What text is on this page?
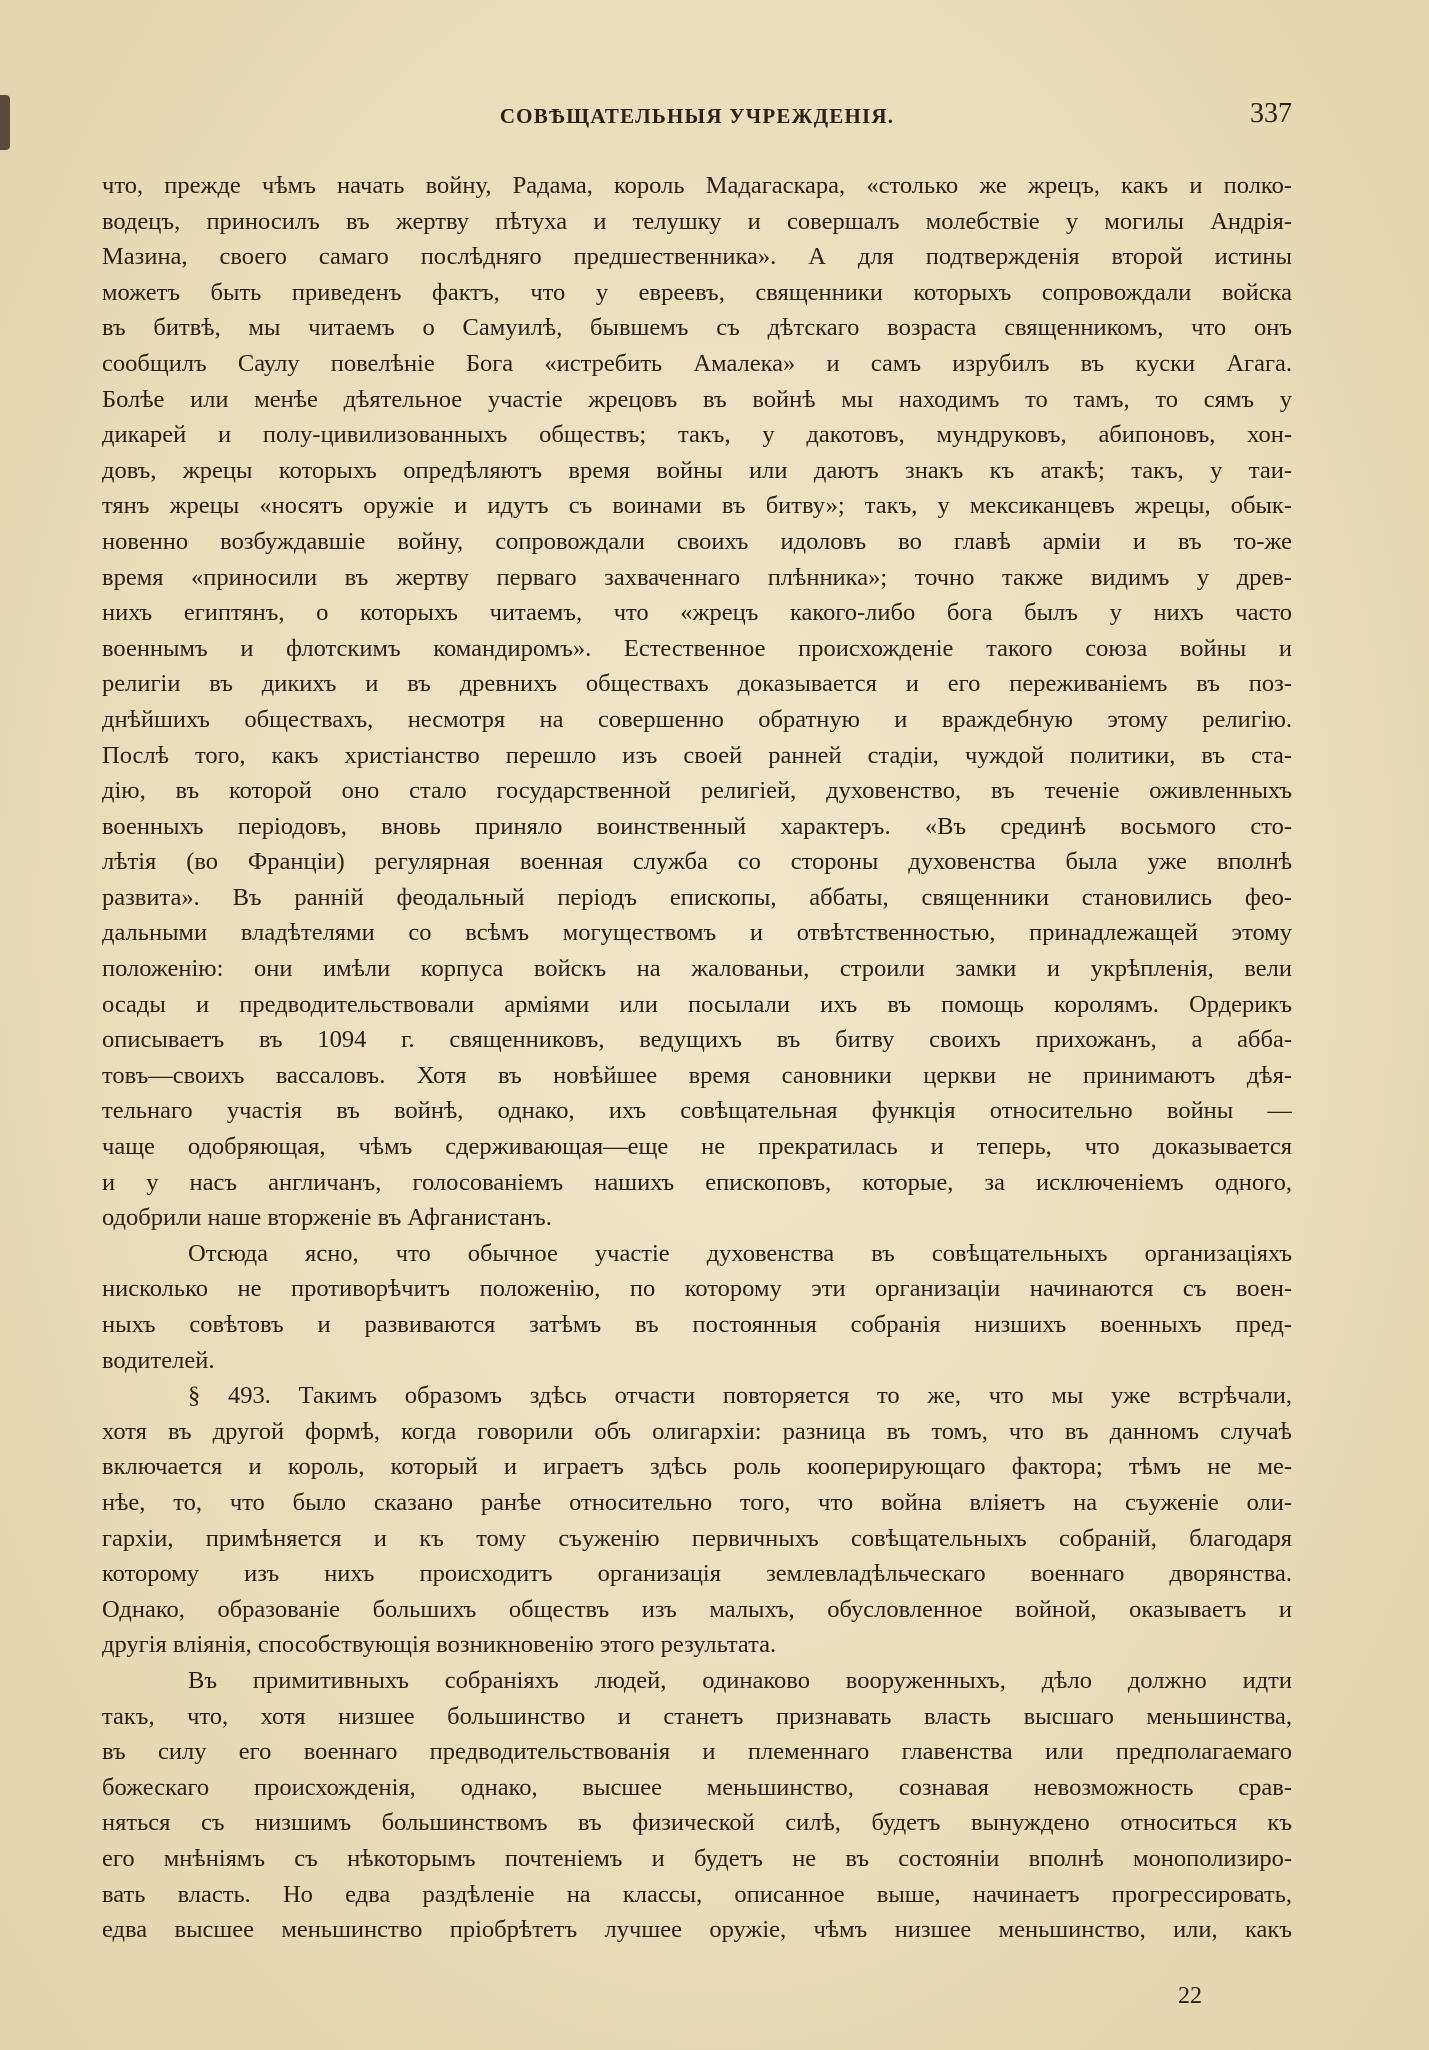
СОВѢЩАТЕЛЬНЫЯ УЧРЕЖДЕНІЯ.	337
что, прежде чѣмъ начать войну, Радама, король Мадагаскара, «столько же жрецъ, какъ и полко-
водецъ, приносилъ въ жертву пѣтуха и телушку и совершалъ молебствіе у могилы Андрія-
Мазина, своего самаго послѣдняго предшественника». А для подтвержденія второй истины
можетъ быть приведенъ фактъ, что у евреевъ, священники которыхъ сопровождали войска
въ битвѣ, мы читаемъ о Самуилѣ, бывшемъ съ дѣтскаго возраста священникомъ, что онъ
сообщилъ Саулу повелѣніе Бога «истребить Амалека» и самъ изрубилъ въ куски Агага.
Болѣе или менѣе дѣятельное участіе жрецовъ въ войнѣ мы находимъ то тамъ, то сямъ у
дикарей и полу-цивилизованныхъ обществъ; такъ, у дакотовъ, мундруковъ, абипоновъ, хон-
довъ, жрецы которыхъ опредѣляютъ время войны или даютъ знакъ къ атакѣ; такъ, у таи-
тянъ жрецы «носятъ оружіе и идутъ съ воинами въ битву»; такъ, у мексиканцевъ жрецы, обык-
новенно возбуждавшіе войну, сопровождали своихъ идоловъ во главѣ арміи и въ то-же
время «приносили въ жертву перваго захваченнаго плѣнника»; точно также видимъ у древ-
нихъ египтянъ, о которыхъ читаемъ, что «жрецъ какого-либо бога былъ у нихъ часто
военнымъ и флотскимъ командиромъ». Естественное происхожденіе такого союза войны и
религіи въ дикихъ и въ древнихъ обществахъ доказывается и его переживаніемъ въ поз-
днѣйшихъ обществахъ, несмотря на совершенно обратную и враждебную этому религію.
Послѣ того, какъ христіанство перешло изъ своей ранней стадіи, чуждой политики, въ ста-
дію, въ которой оно стало государственной религіей, духовенство, въ теченіе оживленныхъ
военныхъ періодовъ, вновь приняло воинственный характеръ. «Въ срединѣ восьмого сто-
лѣтія (во Франціи) регулярная военная служба со стороны духовенства была уже вполнѣ
развита». Въ ранній феодальный періодъ епископы, аббаты, священники становились фео-
дальными владѣтелями со всѣмъ могуществомъ и отвѣтственностью, принадлежащей этому
положенію: они имѣли корпуса войскъ на жалованьи, строили замки и укрѣпленія, вели
осады и предводительствовали арміями или посылали ихъ въ помощь королямъ. Ордерикъ
описываетъ въ 1094 г. священниковъ, ведущихъ въ битву своихъ прихожанъ, а абба-
товъ—своихъ вассаловъ. Хотя въ новѣйшее время сановники церкви не принимаютъ дѣя-
тельнаго участія въ войнѣ, однако, ихъ совѣщательная функція относительно войны —
чаще одобряющая, чѣмъ сдерживающая—еще не прекратилась и теперь, что доказывается
и у насъ англичанъ, голосованіемъ нашихъ епископовъ, которые, за исключеніемъ одного,
одобрили наше вторженіе въ Афганистанъ.
Отсюда ясно, что обычное участіе духовенства въ совѣщательныхъ организаціяхъ
нисколько не противорѣчитъ положенію, по которому эти организаціи начинаются съ воен-
ныхъ совѣтовъ и развиваются затѣмъ въ постоянныя собранія низшихъ военныхъ пред-
водителей.
§ 493. Такимъ образомъ здѣсь отчасти повторяется то же, что мы уже встрѣчали,
хотя въ другой формѣ, когда говорили объ олигархіи: разница въ томъ, что въ данномъ случаѣ
включается и король, который и играетъ здѣсь роль кооперирующаго фактора; тѣмъ не ме-
нѣе, то, что было сказано ранѣе относительно того, что война вліяетъ на съуженіе оли-
гархіи, примѣняется и къ тому съуженію первичныхъ совѣщательныхъ собраній, благодаря
которому изъ нихъ происходитъ организація землевладѣльческаго военнаго дворянства.
Однако, образованіе большихъ обществъ изъ малыхъ, обусловленное войной, оказываетъ и
другія вліянія, способствующія возникновенію этого результата.
Въ примитивныхъ собраніяхъ людей, одинаково вооруженныхъ, дѣло должно идти
такъ, что, хотя низшее большинство и станетъ признавать власть высшаго меньшинства,
въ силу его военнаго предводительствованія и племеннаго главенства или предполагаемаго
божескаго происхожденія, однако, высшее меньшинство, сознавая невозможность срав-
няться съ низшимъ большинствомъ въ физической силѣ, будетъ вынуждено относиться къ
его мнѣніямъ съ нѣкоторымъ почтеніемъ и будетъ не въ состояніи вполнѣ монополизиро-
вать власть. Но едва раздѣленіе на классы, описанное выше, начинаетъ прогрессировать,
едва высшее меньшинство пріобрѣтетъ лучшее оружіе, чѣмъ низшее меньшинство, или, какъ
22
